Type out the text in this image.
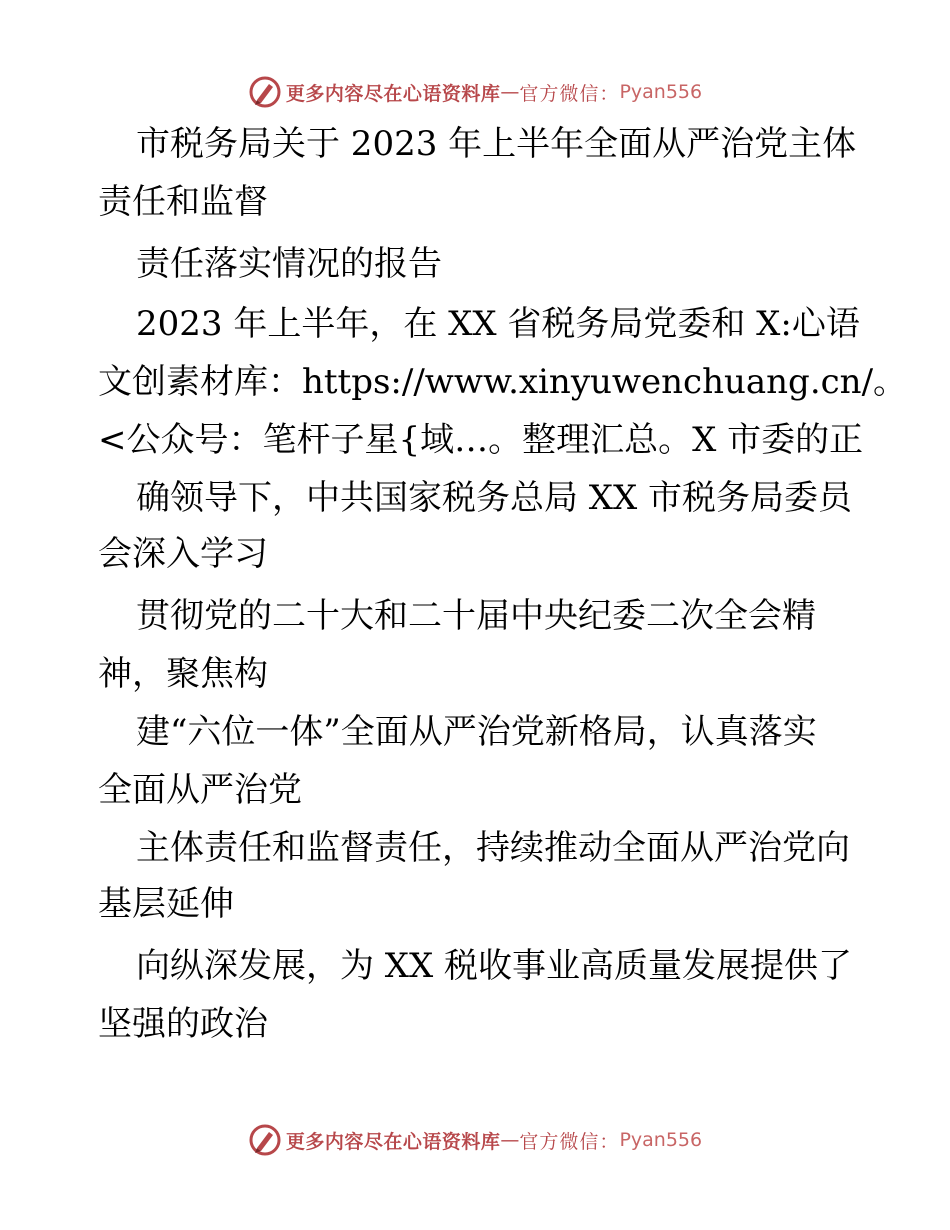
更多内容尽在心语资料库 — 官方微信： Pyan556
市税务局关于 2023 年上半年全面从严治党主体
责任和监督
责任落实情况的报告
2023 年上半年，在 XX 省税务局党委和 X:心语
文创素材库：https://www.xinyuwenchuang.cn/。
<公众号：笔杆子星{域…。整理汇总。X 市委的正
确领导下，中共国家税务总局 XX 市税务局委员
会深入学习
贯彻党的二十大和二十届中央纪委二次全会精
神，聚焦构
建“六位一体”全面从严治党新格局，认真落实
全面从严治党
主体责任和监督责任，持续推动全面从严治党向
基层延伸
向纵深发展，为 XX 税收事业高质量发展提供了
坚强的政治
更多内容尽在心语资料库 — 官方微信： Pyan556
